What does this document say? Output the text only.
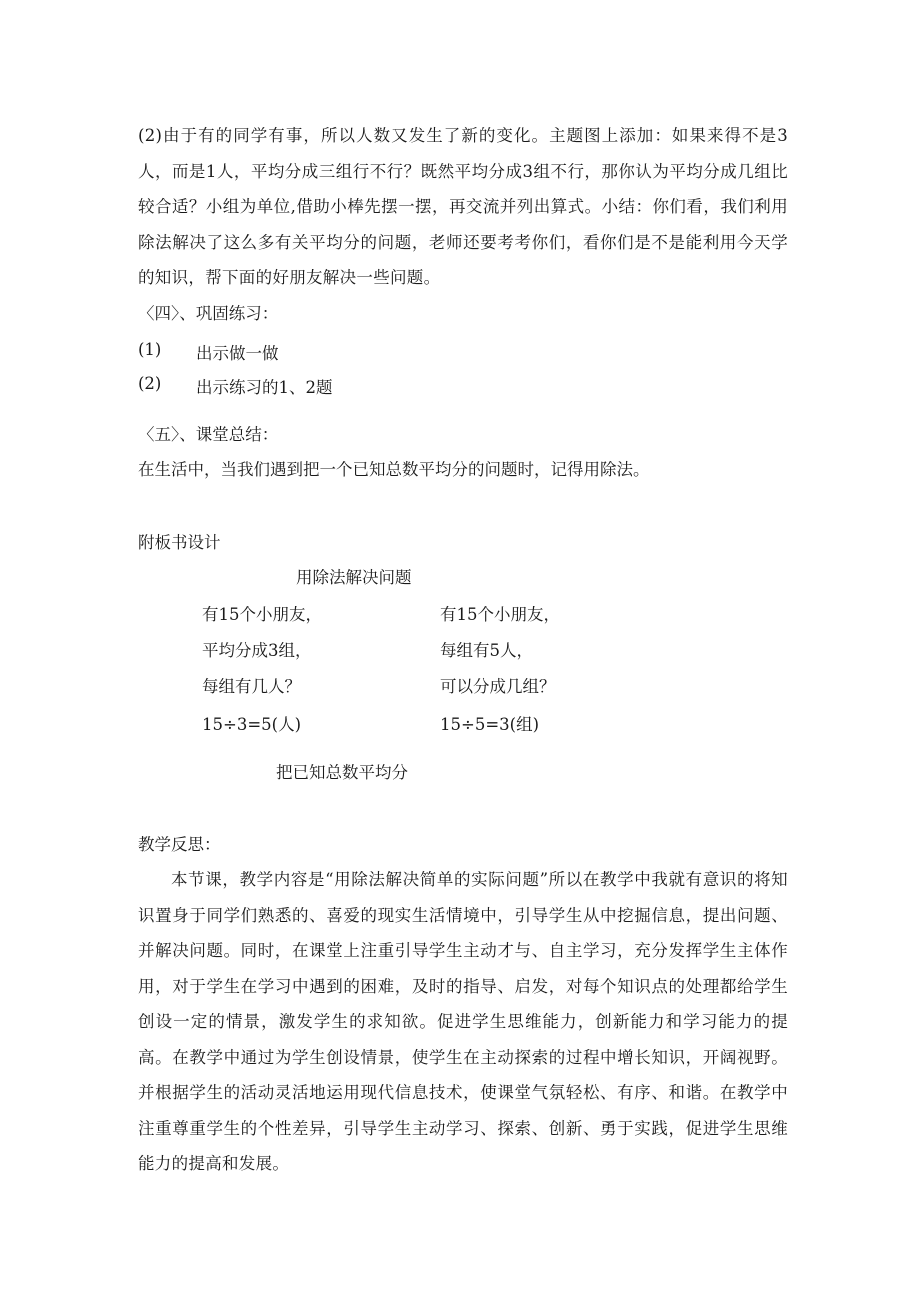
(2)由于有的同学有事，所以人数又发生了新的变化。主题图上添加：如果来得不是3人，而是1人，平均分成三组行不行？既然平均分成3组不行，那你认为平均分成几组比较合适？小组为单位,借助小棒先摆一摆，再交流并列出算式。小结：你们看，我们利用除法解决了这么多有关平均分的问题，老师还要考考你们，看你们是不是能利用今天学的知识，帮下面的好朋友解决一些问题。
〈四〉、巩固练习：
(1) 出示做一做
(2) 出示练习的1、2题
〈五〉、课堂总结：
在生活中，当我们遇到把一个已知总数平均分的问题时，记得用除法。
附板书设计
用除法解决问题
有15个小朋友，
平均分成3组，
每组有几人？
15÷3=5(人)
有15个小朋友，
每组有5人，
可以分成几组？
15÷5=3(组)
把已知总数平均分
教学反思：
本节课，教学内容是“用除法解决简单的实际问题”所以在教学中我就有意识的将知识置身于同学们熟悉的、喜爱的现实生活情境中，引导学生从中挖掘信息，提出问题、并解决问题。同时，在课堂上注重引导学生主动才与、自主学习，充分发挥学生主体作用，对于学生在学习中遇到的困难，及时的指导、启发，对每个知识点的处理都给学生创设一定的情景，激发学生的求知欲。促进学生思维能力，创新能力和学习能力的提高。在教学中通过为学生创设情景，使学生在主动探索的过程中增长知识，开阔视野。并根据学生的活动灵活地运用现代信息技术，使课堂气氛轻松、有序、和谐。在教学中注重尊重学生的个性差异，引导学生主动学习、探索、创新、勇于实践，促进学生思维能力的提高和发展。
